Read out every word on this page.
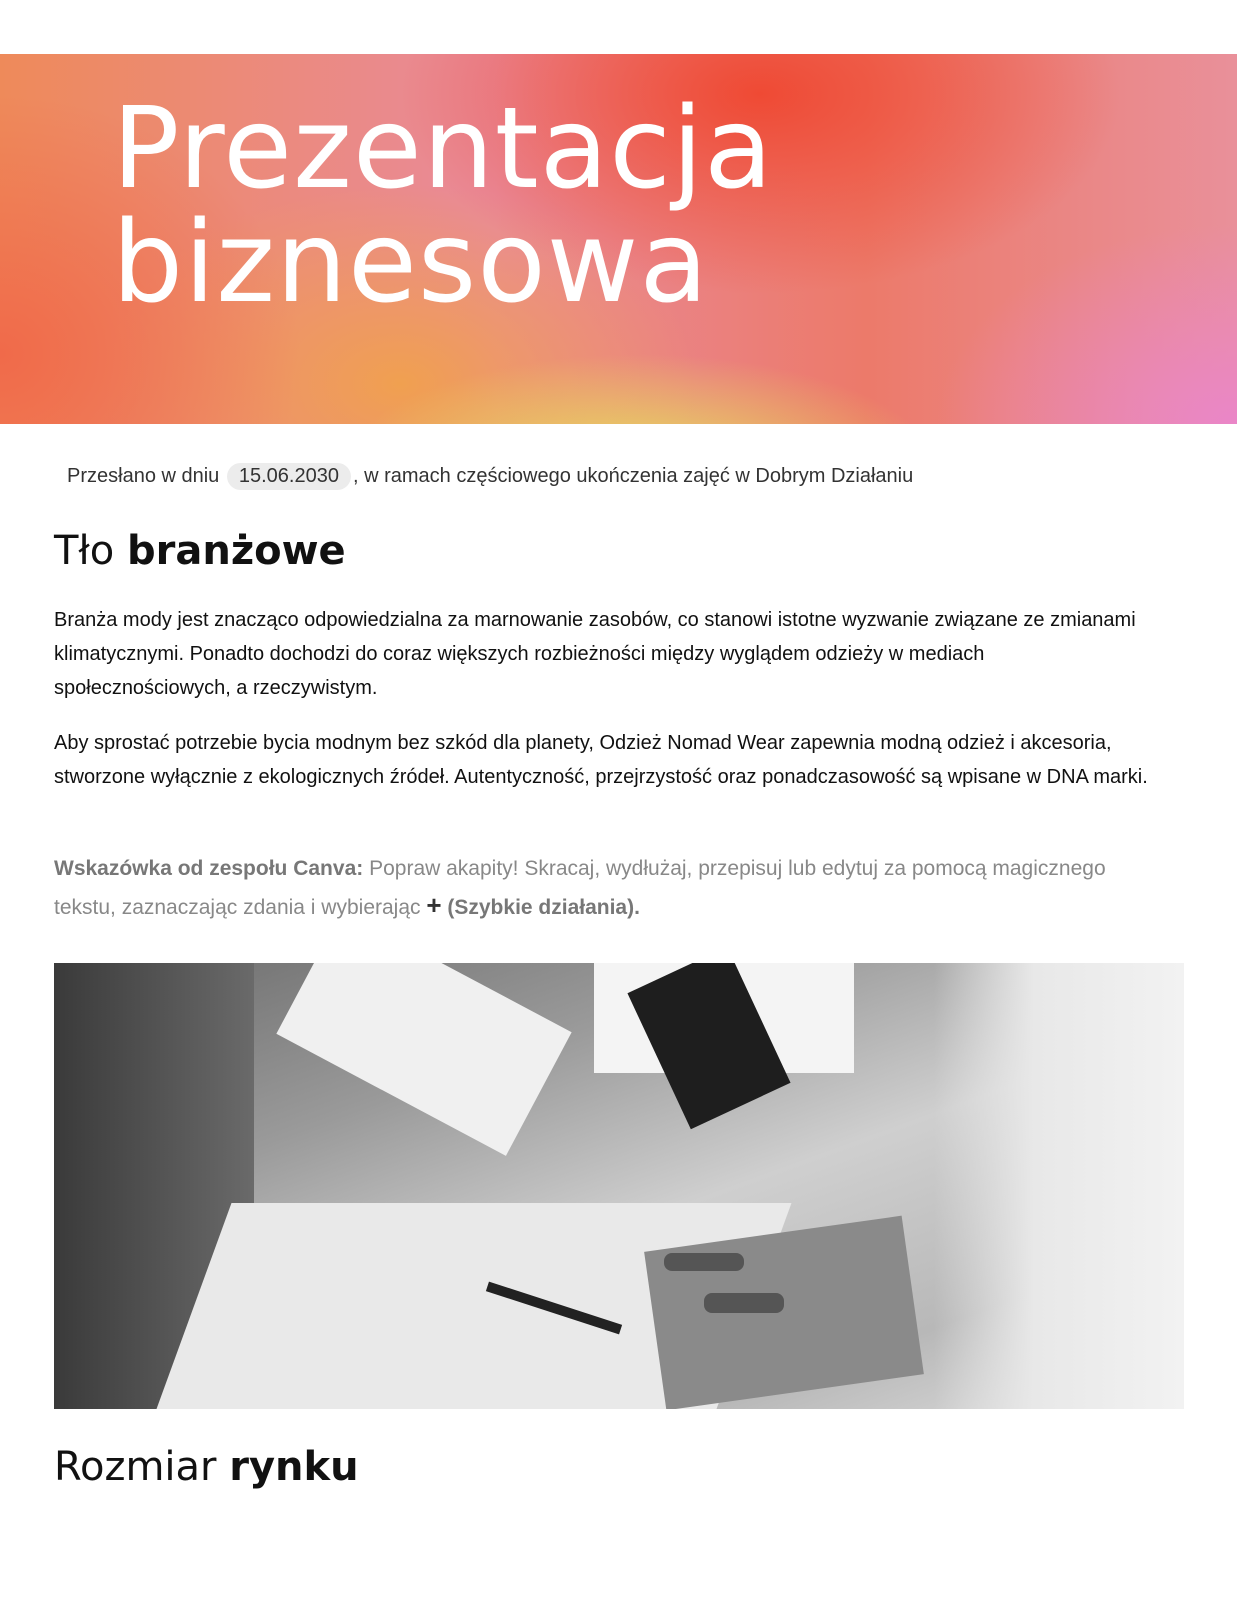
Prezentacja
biznesowa
Przesłano w dniu 15.06.2030 , w ramach częściowego ukończenia zajęć w Dobrym Działaniu
Tło branżowe

Branża mody jest znacząco odpowiedzialna za marnowanie zasobów, co stanowi istotne wyzwanie związane ze zmianami klimatycznymi. Ponadto dochodzi do coraz większych rozbieżności między wyglądem odzieży w mediach społecznościowych, a rzeczywistym.

Aby sprostać potrzebie bycia modnym bez szkód dla planety, Odzież Nomad Wear zapewnia modną odzież i akcesoria, stworzone wyłącznie z ekologicznych źródeł. Autentyczność, przejrzystość oraz ponadczasowość są wpisane w DNA marki.

Wskazówka od zespołu Canva: Popraw akapity! Skracaj, wydłużaj, przepisuj lub edytuj za pomocą magicznego tekstu, zaznaczając zdania i wybierając + (Szybkie działania).
Rozmiar rynku
